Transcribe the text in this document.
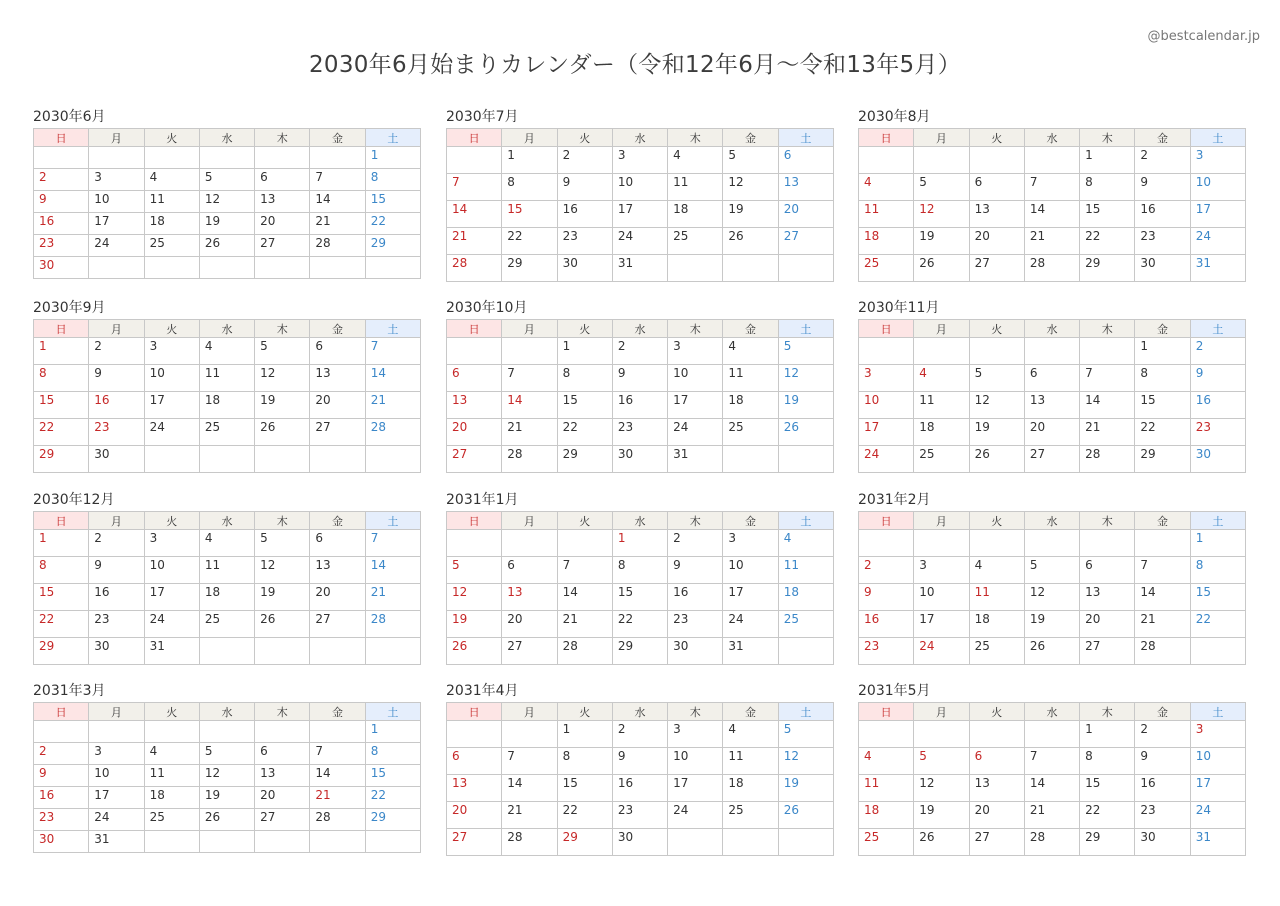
@bestcalendar.jp
2030年6月始まりカレンダー（令和12年6月〜令和13年5月）
2030年6月
日	月	火	水	木	金	土
						1
2	3	4	5	6	7	8
9	10	11	12	13	14	15
16	17	18	19	20	21	22
23	24	25	26	27	28	29
30						
2030年7月
日	月	火	水	木	金	土
	1	2	3	4	5	6
7	8	9	10	11	12	13
14	15	16	17	18	19	20
21	22	23	24	25	26	27
28	29	30	31			
2030年8月
日	月	火	水	木	金	土
				1	2	3
4	5	6	7	8	9	10
11	12	13	14	15	16	17
18	19	20	21	22	23	24
25	26	27	28	29	30	31
2030年9月
日	月	火	水	木	金	土
1	2	3	4	5	6	7
8	9	10	11	12	13	14
15	16	17	18	19	20	21
22	23	24	25	26	27	28
29	30					
2030年10月
日	月	火	水	木	金	土
		1	2	3	4	5
6	7	8	9	10	11	12
13	14	15	16	17	18	19
20	21	22	23	24	25	26
27	28	29	30	31		
2030年11月
日	月	火	水	木	金	土
					1	2
3	4	5	6	7	8	9
10	11	12	13	14	15	16
17	18	19	20	21	22	23
24	25	26	27	28	29	30
2030年12月
日	月	火	水	木	金	土
1	2	3	4	5	6	7
8	9	10	11	12	13	14
15	16	17	18	19	20	21
22	23	24	25	26	27	28
29	30	31				
2031年1月
日	月	火	水	木	金	土
			1	2	3	4
5	6	7	8	9	10	11
12	13	14	15	16	17	18
19	20	21	22	23	24	25
26	27	28	29	30	31	
2031年2月
日	月	火	水	木	金	土
						1
2	3	4	5	6	7	8
9	10	11	12	13	14	15
16	17	18	19	20	21	22
23	24	25	26	27	28	
2031年3月
日	月	火	水	木	金	土
						1
2	3	4	5	6	7	8
9	10	11	12	13	14	15
16	17	18	19	20	21	22
23	24	25	26	27	28	29
30	31					
2031年4月
日	月	火	水	木	金	土
		1	2	3	4	5
6	7	8	9	10	11	12
13	14	15	16	17	18	19
20	21	22	23	24	25	26
27	28	29	30			
2031年5月
日	月	火	水	木	金	土
				1	2	3
4	5	6	7	8	9	10
11	12	13	14	15	16	17
18	19	20	21	22	23	24
25	26	27	28	29	30	31
